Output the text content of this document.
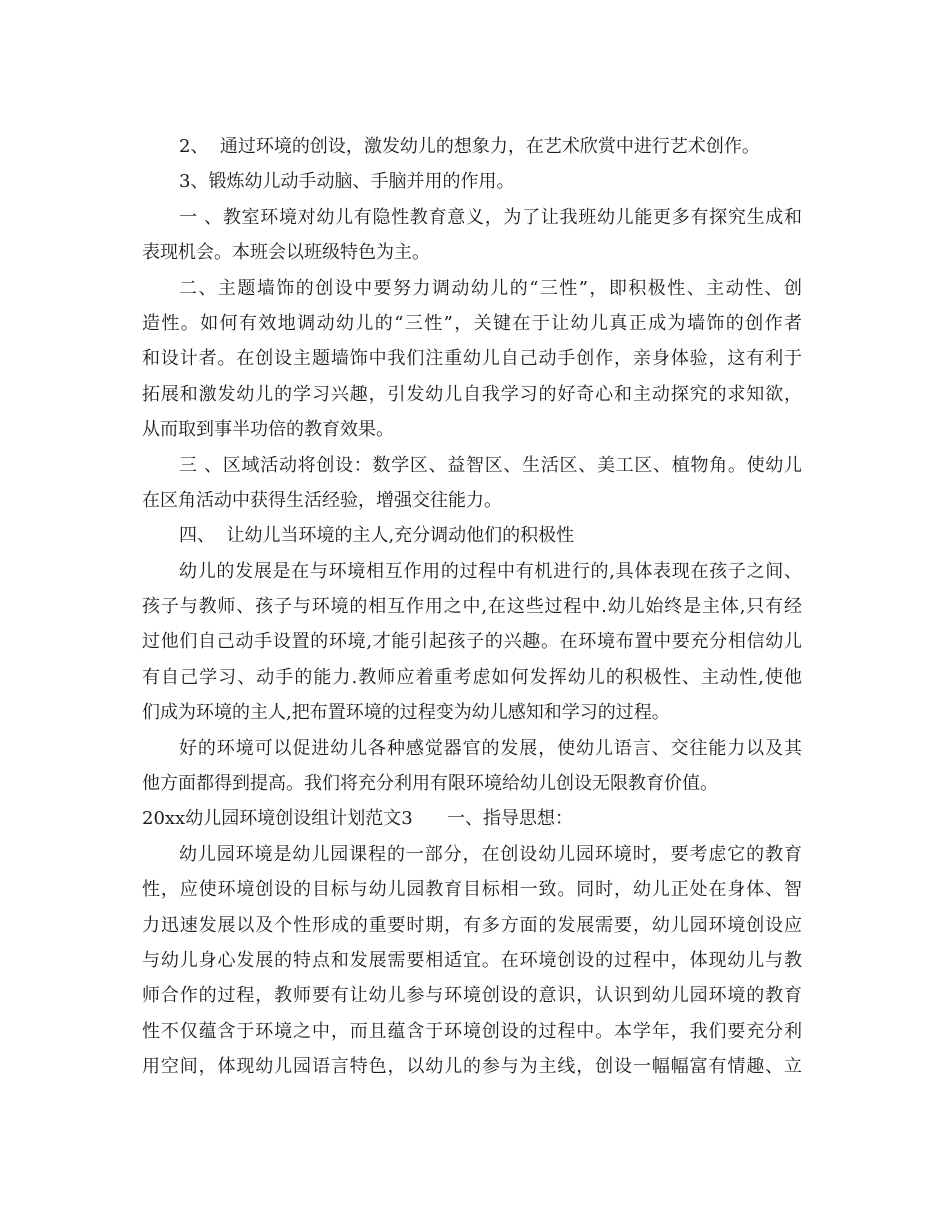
2、  通过环境的创设，激发幼儿的想象力，在艺术欣赏中进行艺术创作。
3、锻炼幼儿动手动脑、手脑并用的作用。
一 、教室环境对幼儿有隐性教育意义，为了让我班幼儿能更多有探究生成和
表现机会。本班会以班级特色为主。
二、主题墙饰的创设中要努力调动幼儿的“三性”，即积极性、主动性、创
造性。如何有效地调动幼儿的“三性”，关键在于让幼儿真正成为墙饰的创作者
和设计者。在创设主题墙饰中我们注重幼儿自己动手创作，亲身体验，这有利于
拓展和激发幼儿的学习兴趣，引发幼儿自我学习的好奇心和主动探究的求知欲，
从而取到事半功倍的教育效果。
三 、区域活动将创设：数学区、益智区、生活区、美工区、植物角。使幼儿
在区角活动中获得生活经验，增强交往能力。
四、  让幼儿当环境的主人,充分调动他们的积极性
幼儿的发展是在与环境相互作用的过程中有机进行的,具体表现在孩子之间、
孩子与教师、孩子与环境的相互作用之中,在这些过程中.幼儿始终是主体,只有经
过他们自己动手设置的环境,才能引起孩子的兴趣。在环境布置中要充分相信幼儿
有自己学习、动手的能力.教师应着重考虑如何发挥幼儿的积极性、主动性,使他
们成为环境的主人,把布置环境的过程变为幼儿感知和学习的过程。
好的环境可以促进幼儿各种感觉器官的发展，使幼儿语言、交往能力以及其
他方面都得到提高。我们将充分利用有限环境给幼儿创设无限教育价值。
20xx幼儿园环境创设组计划范文3      一、指导思想：
幼儿园环境是幼儿园课程的一部分，在创设幼儿园环境时，要考虑它的教育
性，应使环境创设的目标与幼儿园教育目标相一致。同时，幼儿正处在身体、智
力迅速发展以及个性形成的重要时期，有多方面的发展需要，幼儿园环境创设应
与幼儿身心发展的特点和发展需要相适宜。在环境创设的过程中，体现幼儿与教
师合作的过程，教师要有让幼儿参与环境创设的意识，认识到幼儿园环境的教育
性不仅蕴含于环境之中，而且蕴含于环境创设的过程中。本学年，我们要充分利
用空间，体现幼儿园语言特色，以幼儿的参与为主线，创设一幅幅富有情趣、立
